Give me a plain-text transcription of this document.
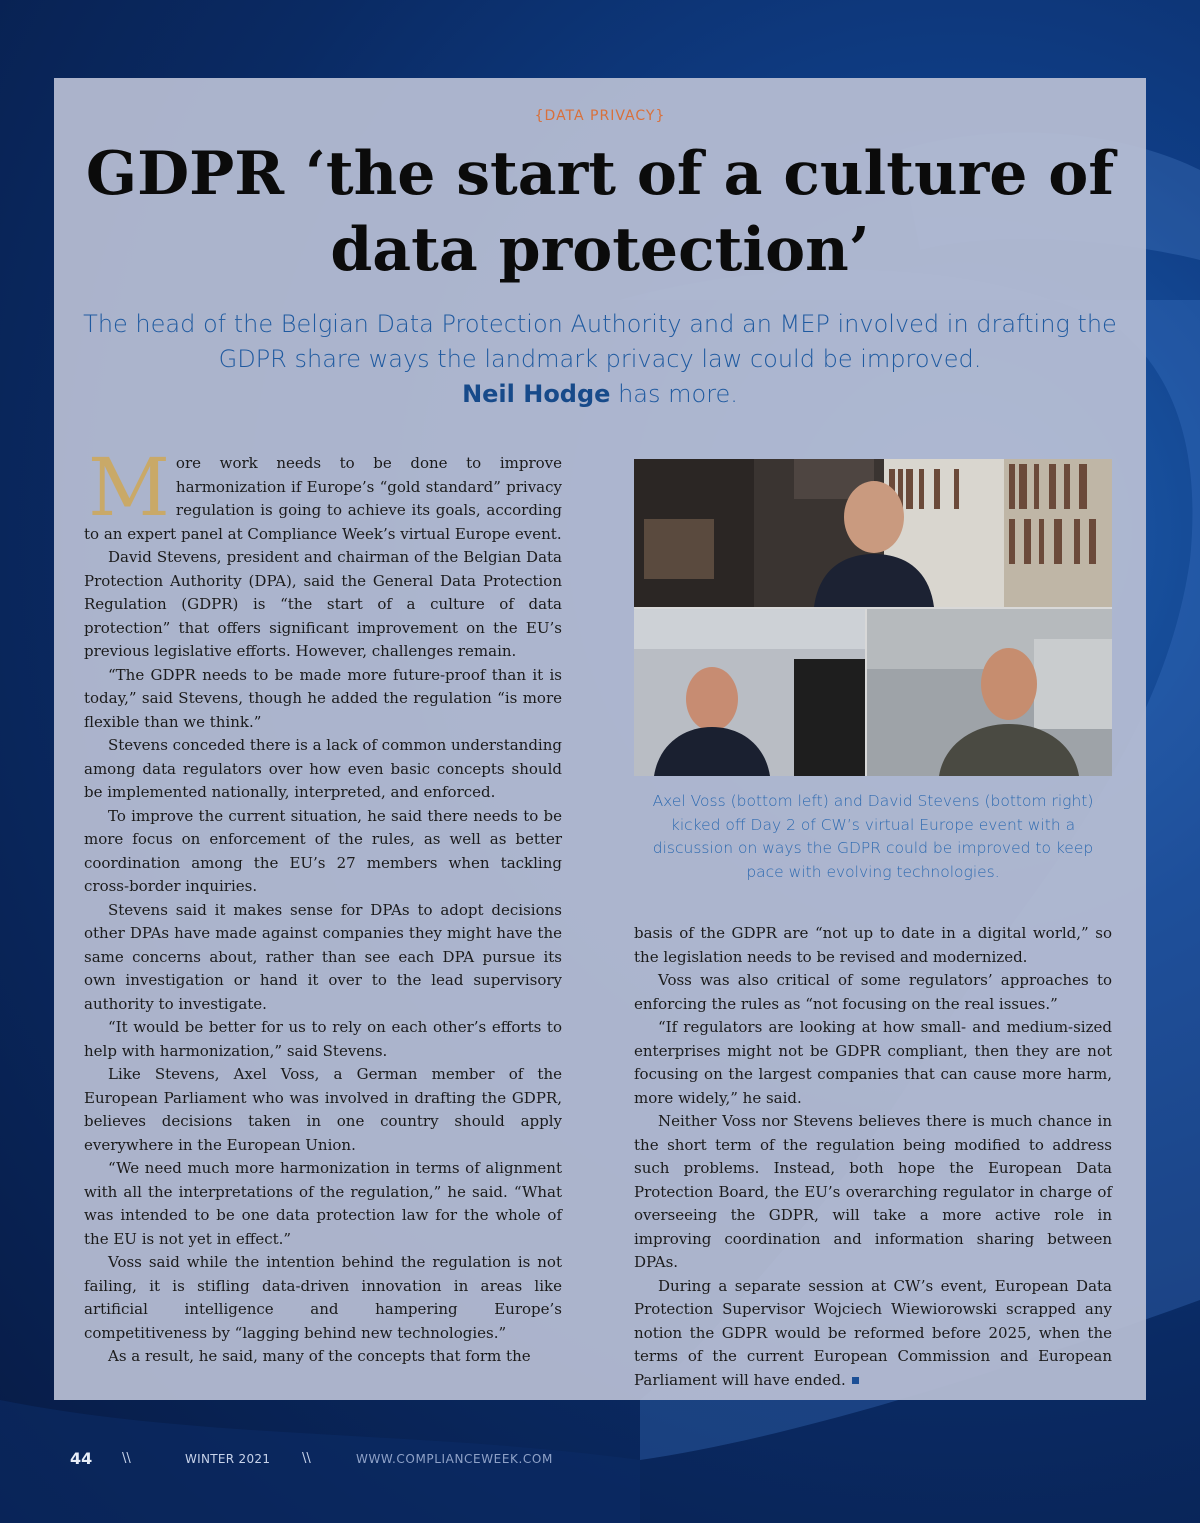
{DATA PRIVACY}
GDPR ‘the start of a culture of data protection’

The head of the Belgian Data Protection Authority and an MEP involved in drafting the GDPR share ways the landmark privacy law could be improved.
Neil Hodge has more.

More work needs to be done to improve harmonization if Europe’s “gold standard” privacy regulation is going to achieve its goals, according to an expert panel at Compliance Week’s virtual Europe event.

David Stevens, president and chairman of the Belgian Data Protection Authority (DPA), said the General Data Protection Regulation (GDPR) is “the start of a culture of data protection” that offers significant improvement on the EU’s previous legislative efforts. However, challenges remain.

“The GDPR needs to be made more future-proof than it is today,” said Stevens, though he added the regulation “is more flexible than we think.”

Stevens conceded there is a lack of common understanding among data regulators over how even basic concepts should be implemented nationally, interpreted, and enforced.

To improve the current situation, he said there needs to be more focus on enforcement of the rules, as well as better coordination among the EU’s 27 members when tackling cross-border inquiries.

Stevens said it makes sense for DPAs to adopt decisions other DPAs have made against companies they might have the same concerns about, rather than see each DPA pursue its own investigation or hand it over to the lead supervisory authority to investigate.

“It would be better for us to rely on each other’s efforts to help with harmonization,” said Stevens.

Like Stevens, Axel Voss, a German member of the European Parliament who was involved in drafting the GDPR, believes decisions taken in one country should apply everywhere in the European Union.

“We need much more harmonization in terms of alignment with all the interpretations of the regulation,” he said. “What was intended to be one data protection law for the whole of the EU is not yet in effect.”

Voss said while the intention behind the regulation is not failing, it is stifling data-driven innovation in areas like artificial intelligence and hampering Europe’s competitiveness by “lagging behind new technologies.”

As a result, he said, many of the concepts that form the

Axel Voss (bottom left) and David Stevens (bottom right) kicked off Day 2 of CW’s virtual Europe event with a discussion on ways the GDPR could be improved to keep pace with evolving technologies.

basis of the GDPR are “not up to date in a digital world,” so the legislation needs to be revised and modernized.

Voss was also critical of some regulators’ approaches to enforcing the rules as “not focusing on the real issues.”

“If regulators are looking at how small- and medium-sized enterprises might not be GDPR compliant, then they are not focusing on the largest companies that can cause more harm, more widely,” he said.

Neither Voss nor Stevens believes there is much chance in the short term of the regulation being modified to address such problems. Instead, both hope the European Data Protection Board, the EU’s overarching regulator in charge of overseeing the GDPR, will take a more active role in improving coordination and information sharing between DPAs.

During a separate session at CW’s event, European Data Protection Supervisor Wojciech Wiewiorowski scrapped any notion the GDPR would be reformed before 2025, when the terms of the current European Commission and European Parliament will have ended.

44 \\	WINTER 2021 \\	WWW.COMPLIANCEWEEK.COM
